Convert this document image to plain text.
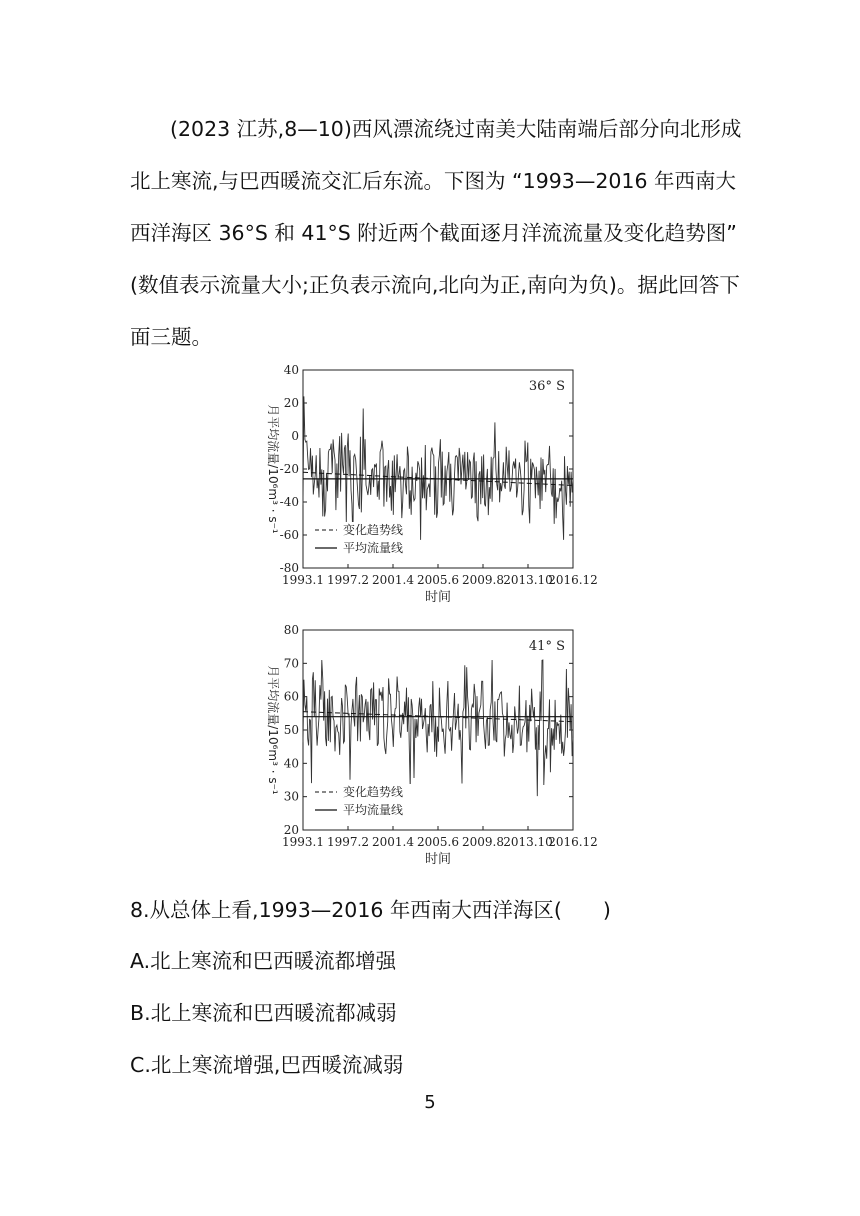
(2023 江苏,8—10)西风漂流绕过南美大陆南端后部分向北形成
北上寒流,与巴西暖流交汇后东流。下图为 “1993—2016 年西南大
西洋海区 36°S 和 41°S 附近两个截面逐月洋流流量及变化趋势图”
(数值表示流量大小;正负表示流向,北向为正,南向为负)。据此回答下
面三题。
40
20
0
-20
-40
-60
-80
1993.1 1997.2 2001.4 2005.6 2009.8 2013.10
2016.12
时间
月平均流量/10⁶m³ · s⁻¹
36° S
变化趋势线
平均流量线
80
70
60
50
40
30
20
1993.1 1997.2 2001.4 2005.6 2009.8 2013.10
2016.12
时间
月平均流量/10⁶m³ · s⁻¹
41° S
变化趋势线
平均流量线
8.从总体上看,1993—2016 年西南大西洋海区(　　)
A.北上寒流和巴西暖流都增强
B.北上寒流和巴西暖流都减弱
C.北上寒流增强,巴西暖流减弱
5
